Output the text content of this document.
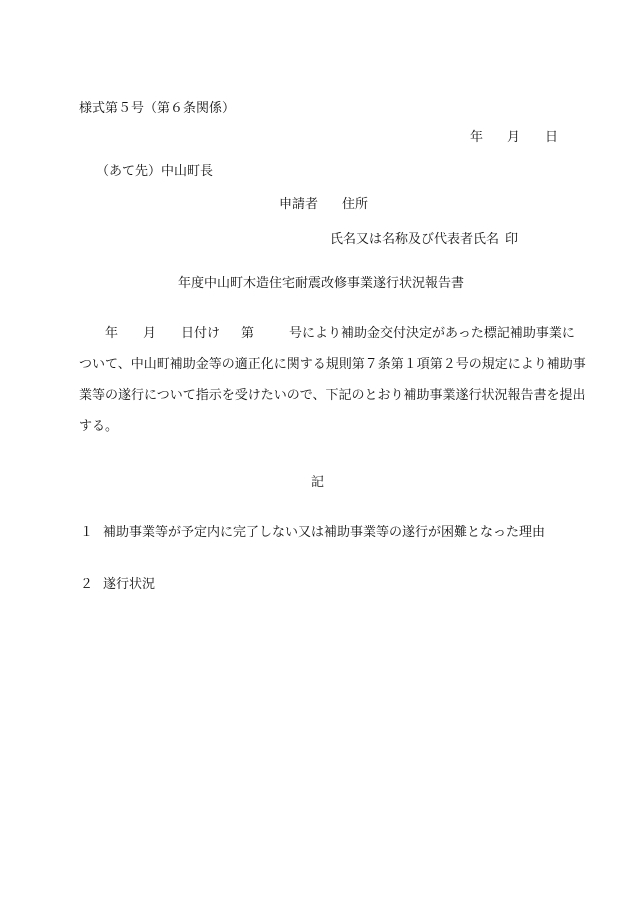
様式第５号（第６条関係）
年 月 日
（あて先）中山町長
申請者 住所
氏名又は名称及び代表者氏名 印
年度中山町木造住宅耐震改修事業遂行状況報告書
年 月 日付け 第	号により補助金交付決定があった標記補助事業に
ついて、中山町補助金等の適正化に関する規則第７条第１項第２号の規定により補助事
業等の遂行について指示を受けたいので、下記のとおり補助事業遂行状況報告書を提出
する。
記
１ 補助事業等が予定内に完了しない又は補助事業等の遂行が困難となった理由
２ 遂行状況
